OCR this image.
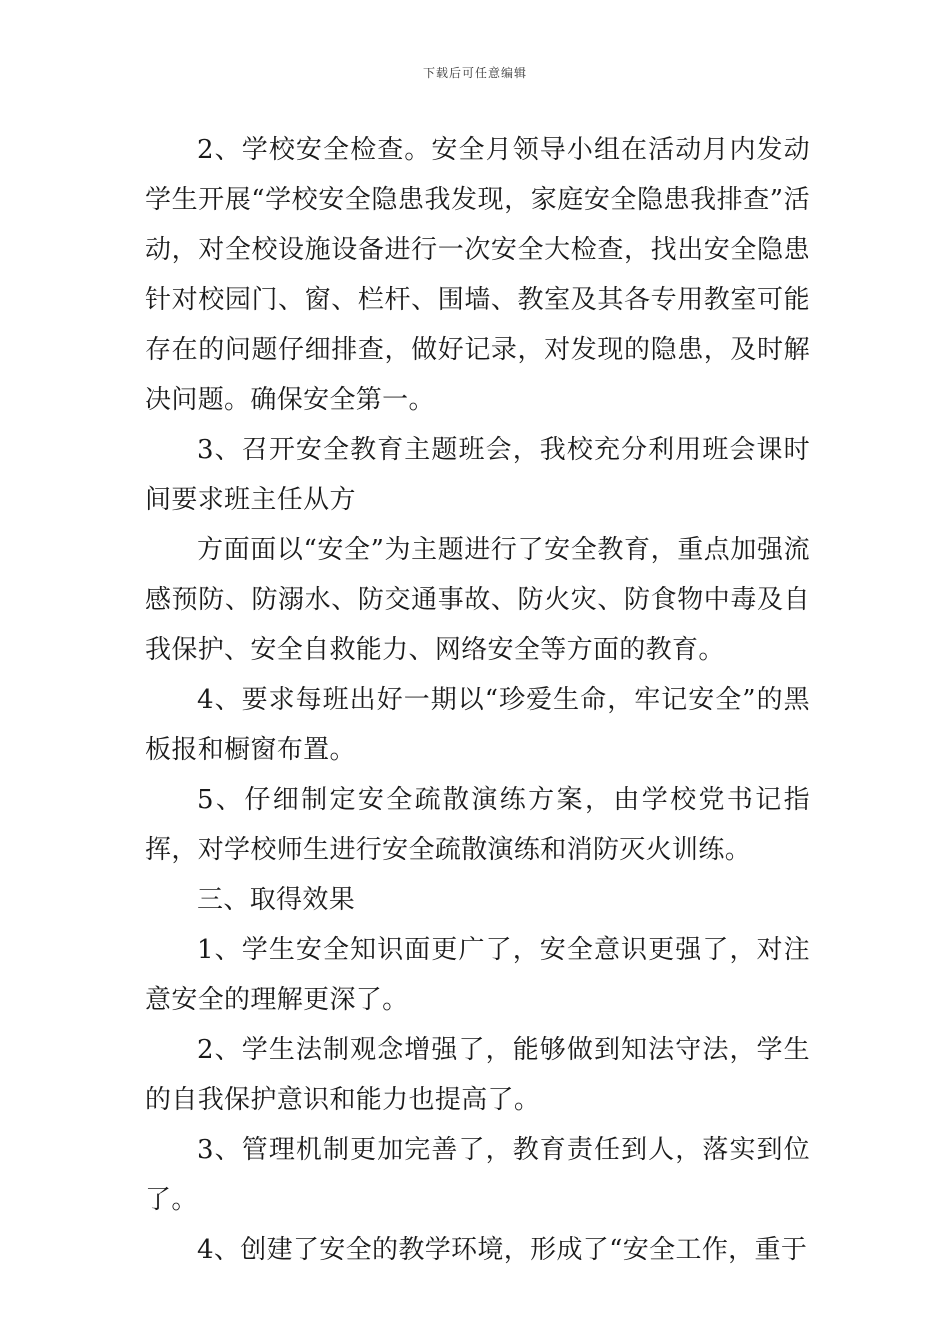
下载后可任意编辑

2、学校安全检查。安全月领导小组在活动月内发动学生开展“学校安全隐患我发现，家庭安全隐患我排查”活动，对全校设施设备进行一次安全大检查，找出安全隐患针对校园门、窗、栏杆、围墙、教室及其各专用教室可能存在的问题仔细排查，做好记录，对发现的隐患，及时解决问题。确保安全第一。

3、召开安全教育主题班会，我校充分利用班会课时间要求班主任从方

方面面以“安全”为主题进行了安全教育，重点加强流感预防、防溺水、防交通事故、防火灾、防食物中毒及自我保护、安全自救能力、网络安全等方面的教育。

4、要求每班出好一期以“珍爱生命，牢记安全”的黑板报和橱窗布置。

5、仔细制定安全疏散演练方案，由学校党书记指挥，对学校师生进行安全疏散演练和消防灭火训练。

三、取得效果

1、学生安全知识面更广了，安全意识更强了，对注意安全的理解更深了。

2、学生法制观念增强了，能够做到知法守法，学生的自我保护意识和能力也提高了。

3、管理机制更加完善了，教育责任到人，落实到位了。

4、创建了安全的教学环境，形成了“安全工作，重于
